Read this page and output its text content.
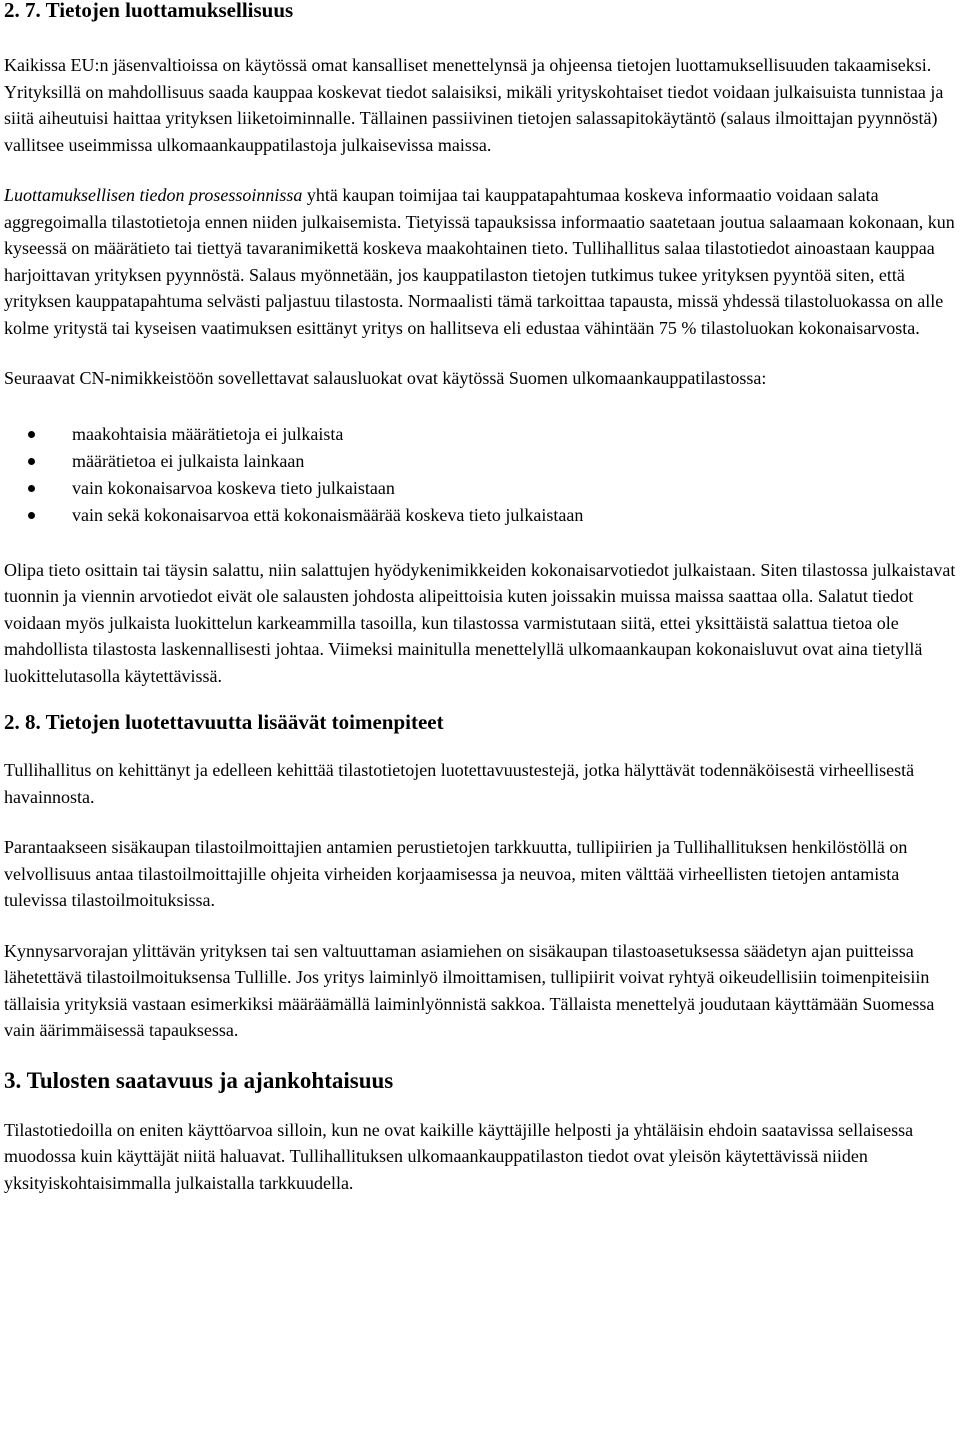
2. 7. Tietojen luottamuksellisuus

Kaikissa EU:n jäsenvaltioissa on käytössä omat kansalliset menettelynsä ja ohjeensa tietojen luottamuksellisuuden takaamiseksi. Yrityksillä on mahdollisuus saada kauppaa koskevat tiedot salaisiksi, mikäli yrityskohtaiset tiedot voidaan julkaisuista tunnistaa ja siitä aiheutuisi haittaa yrityksen liiketoiminnalle. Tällainen passiivinen tietojen salassapitokäytäntö (salaus ilmoittajan pyynnöstä) vallitsee useimmissa ulkomaankauppatilastoja julkaisevissa maissa.

Luottamuksellisen tiedon prosessoinnissa yhtä kaupan toimijaa tai kauppatapahtumaa koskeva informaatio voidaan salata aggregoimalla tilastotietoja ennen niiden julkaisemista. Tietyissä tapauksissa informaatio saatetaan joutua salaamaan kokonaan, kun kyseessä on määrätieto tai tiettyä tavaranimikettä koskeva maakohtainen tieto. Tullihallitus salaa tilastotiedot ainoastaan kauppaa harjoittavan yrityksen pyynnöstä. Salaus myönnetään, jos kauppatilaston tietojen tutkimus tukee yrityksen pyyntöä siten, että yrityksen kauppatapahtuma selvästi paljastuu tilastosta. Normaalisti tämä tarkoittaa tapausta, missä yhdessä tilastoluokassa on alle kolme yritystä tai kyseisen vaatimuksen esittänyt yritys on hallitseva eli edustaa vähintään 75 % tilastoluokan kokonaisarvosta.

Seuraavat CN-nimikkeistöön sovellettavat salausluokat ovat käytössä Suomen ulkomaankauppatilastossa:

maakohtaisia määrätietoja ei julkaista
määrätietoa ei julkaista lainkaan
vain kokonaisarvoa koskeva tieto julkaistaan
vain sekä kokonaisarvoa että kokonaismäärää koskeva tieto julkaistaan

Olipa tieto osittain tai täysin salattu, niin salattujen hyödykenimikkeiden kokonaisarvotiedot julkaistaan. Siten tilastossa julkaistavat tuonnin ja viennin arvotiedot eivät ole salausten johdosta alipeittoisia kuten joissakin muissa maissa saattaa olla. Salatut tiedot voidaan myös julkaista luokittelun karkeammilla tasoilla, kun tilastossa varmistutaan siitä, ettei yksittäistä salattua tietoa ole mahdollista tilastosta laskennallisesti johtaa. Viimeksi mainitulla menettelyllä ulkomaankaupan kokonaisluvut ovat aina tietyllä luokittelutasolla käytettävissä.

2. 8. Tietojen luotettavuutta lisäävät toimenpiteet

Tullihallitus on kehittänyt ja edelleen kehittää tilastotietojen luotettavuustestejä, jotka hälyttävät todennäköisestä virheellisestä havainnosta.

Parantaakseen sisäkaupan tilastoilmoittajien antamien perustietojen tarkkuutta, tullipiirien ja Tullihallituksen henkilöstöllä on velvollisuus antaa tilastoilmoittajille ohjeita virheiden korjaamisessa ja neuvoa, miten välttää virheellisten tietojen antamista tulevissa tilastoilmoituksissa.

Kynnysarvorajan ylittävän yrityksen tai sen valtuuttaman asiamiehen on sisäkaupan tilastoasetuksessa säädetyn ajan puitteissa lähetettävä tilastoilmoituksensa Tullille. Jos yritys laiminlyö ilmoittamisen, tullipiirit voivat ryhtyä oikeudellisiin toimenpiteisiin tällaisia yrityksiä vastaan esimerkiksi määräämällä laiminlyönnistä sakkoa. Tällaista menettelyä joudutaan käyttämään Suomessa vain äärimmäisessä tapauksessa.

3. Tulosten saatavuus ja ajankohtaisuus

Tilastotiedoilla on eniten käyttöarvoa silloin, kun ne ovat kaikille käyttäjille helposti ja yhtäläisin ehdoin saatavissa sellaisessa muodossa kuin käyttäjät niitä haluavat. Tullihallituksen ulkomaankauppatilaston tiedot ovat yleisön käytettävissä niiden yksityiskohtaisimmalla julkaistalla tarkkuudella.
